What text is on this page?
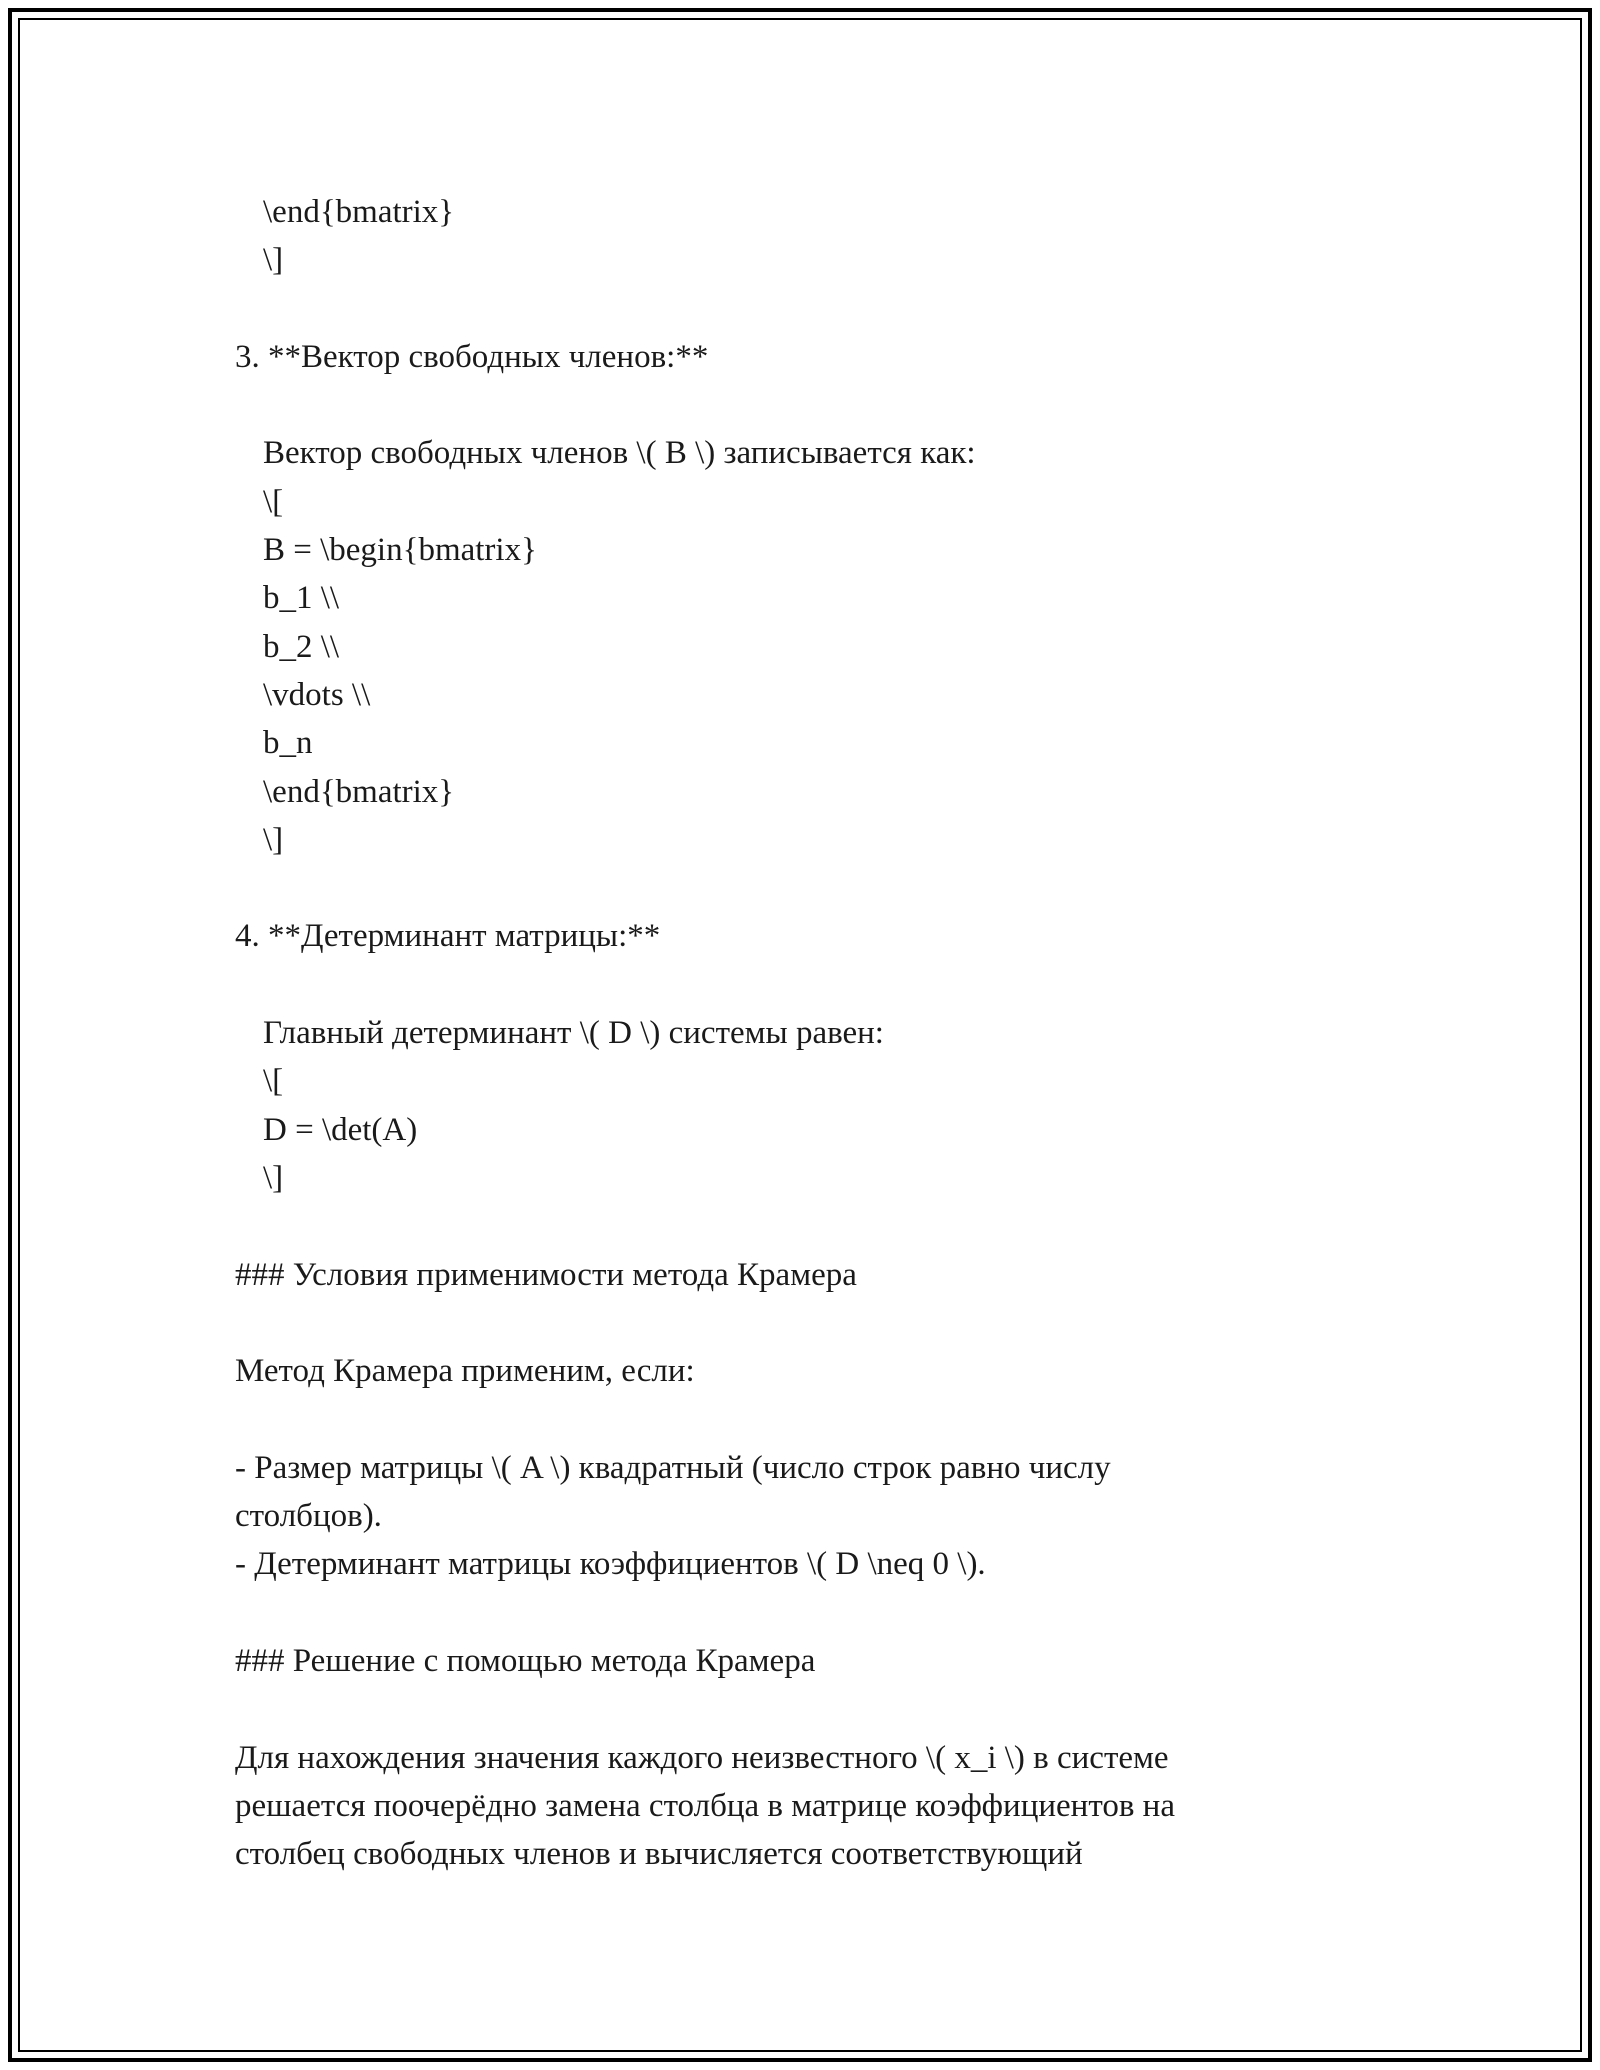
\end{bmatrix}
\]
3. **Вектор свободных членов:**
Вектор свободных членов \( B \) записывается как:
\[
B = \begin{bmatrix}
b_1 \\
b_2 \\
\vdots \\
b_n
\end{bmatrix}
\]
4. **Детерминант матрицы:**
Главный детерминант \( D \) системы равен:
\[
D = \det(A)
\]
### Условия применимости метода Крамера
Метод Крамера применим, если:
- Размер матрицы \( A \) квадратный (число строк равно числу
столбцов).
- Детерминант матрицы коэффициентов \( D \neq 0 \).
### Решение с помощью метода Крамера
Для нахождения значения каждого неизвестного \( x_i \) в системе
решается поочерёдно замена столбца в матрице коэффициентов на
столбец свободных членов и вычисляется соответствующий
